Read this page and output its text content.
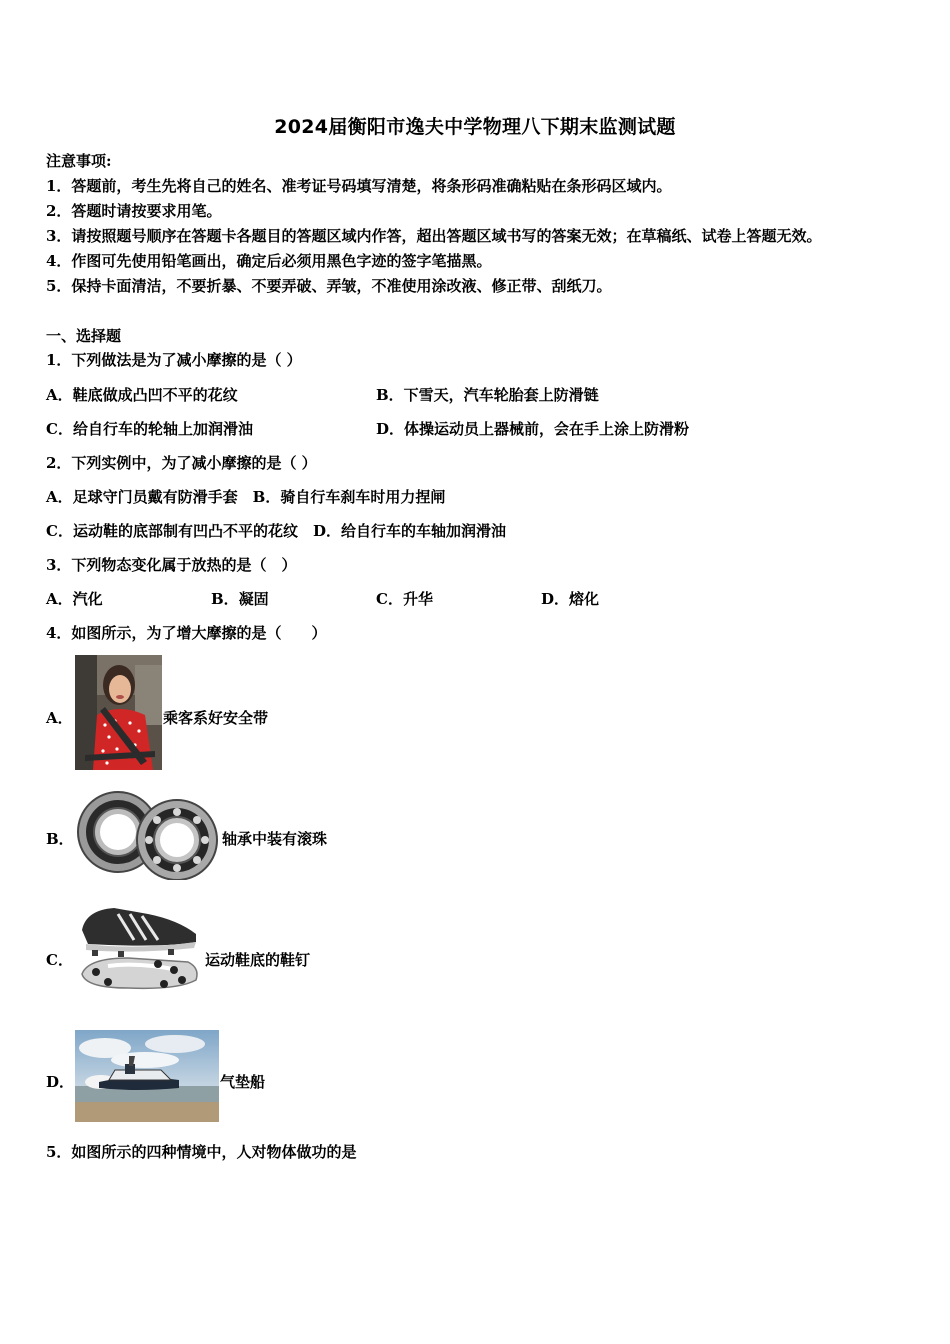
2024届衡阳市逸夫中学物理八下期末监测试题
注意事项:
1．答题前，考生先将自己的姓名、准考证号码填写清楚，将条形码准确粘贴在条形码区域内。
2．答题时请按要求用笔。
3．请按照题号顺序在答题卡各题目的答题区域内作答，超出答题区域书写的答案无效；在草稿纸、试卷上答题无效。
4．作图可先使用铅笔画出，确定后必须用黑色字迹的签字笔描黑。
5．保持卡面清洁，不要折暴、不要弄破、弄皱，不准使用涂改液、修正带、刮纸刀。
一、选择题
1．下列做法是为了减小摩擦的是（ ）
A．鞋底做成凸凹不平的花纹	B．下雪天，汽车轮胎套上防滑链
C．给自行车的轮轴上加润滑油	D．体操运动员上器械前，会在手上涂上防滑粉
2．下列实例中，为了减小摩擦的是（ ）
A．足球守门员戴有防滑手套　B．骑自行车刹车时用力捏闸
C．运动鞋的底部制有凹凸不平的花纹　D．给自行车的车轴加润滑油
3．下列物态变化属于放热的是（　）
A．汽化	B．凝固	C．升华	D．熔化
4．如图所示，为了增大摩擦的是（　　）
A．	乘客系好安全带
B．	轴承中装有滚珠
C．	运动鞋底的鞋钉
D．	气垫船
5．如图所示的四种情境中，人对物体做功的是
